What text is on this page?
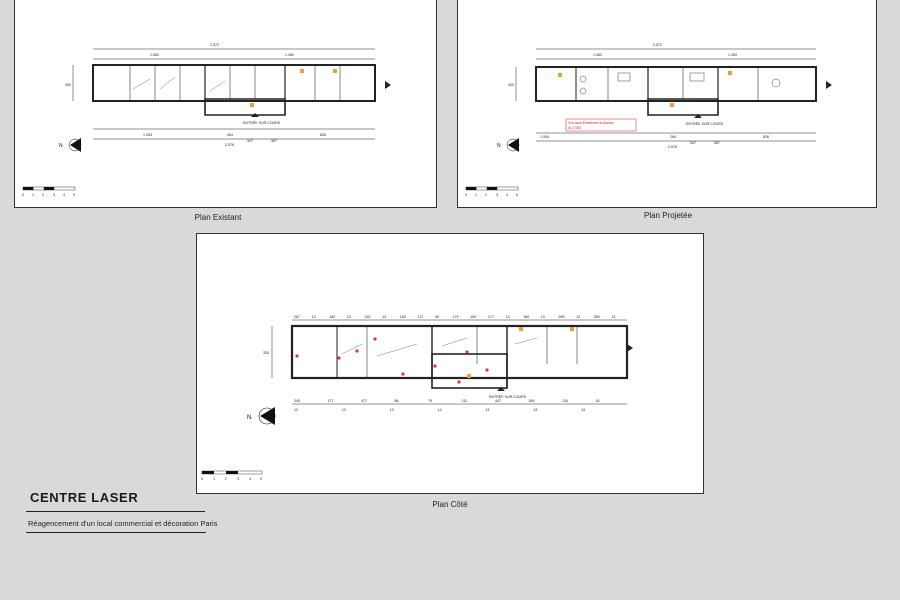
2.572
1.062	1.450
400
ENTRÉE SUR COURS
1.054	264	836
2.576
347	367
N
0 1 2	3 4 5
Plan Existant
2.572
1.062	1.450
400
ENTRÉE SUR COURS
Voir avec Électricien et Alarme
du T.083
1.054	264	836
2.576
347	367
N
0 1 2	3 4 5
Plan Projetée
267	13	182	13	152	13	150	172	95	170	150	177	13	160	13	289	13	269	13
335
ENTRÉE SUR COURS
345	177	477	88	79	211	447	269	134	16
13	13	13	14	13	13	13
N
0	1	2	3	4	5
Plan Côté
CENTRE LASER
Réagencement d'un local commercial et décoration Paris
